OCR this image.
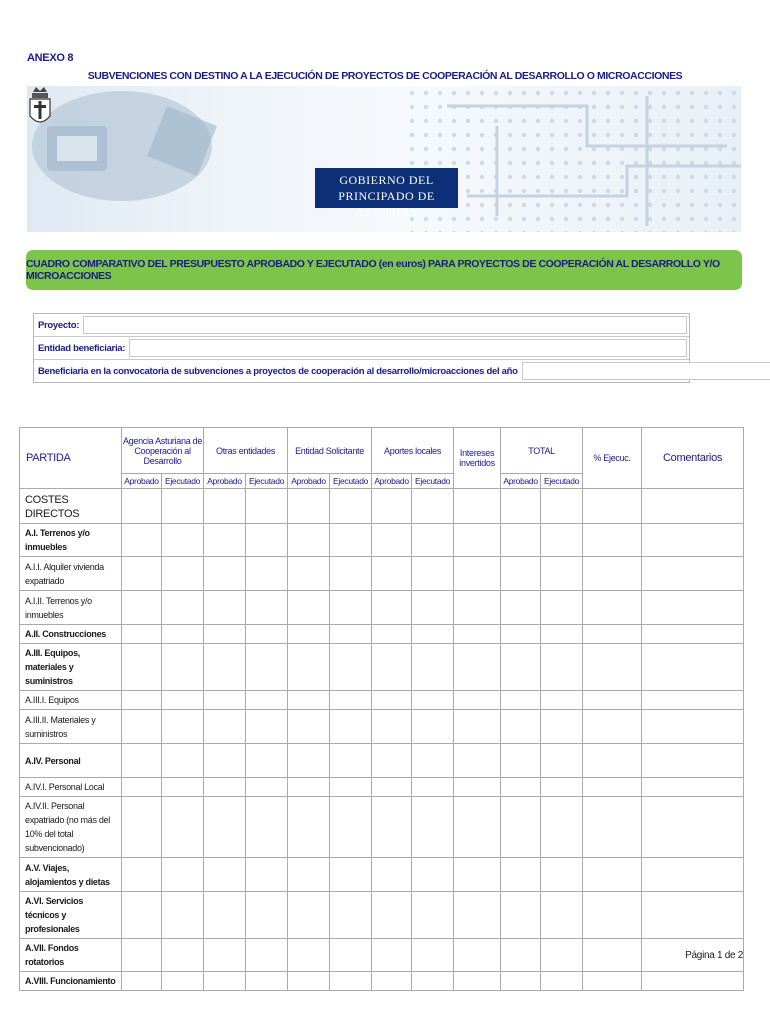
ANEXO 8
SUBVENCIONES CON DESTINO A LA EJECUCIÓN DE PROYECTOS DE COOPERACIÓN AL DESARROLLO O MICROACCIONES
GOBIERNO DEL
PRINCIPADO DE ASTURIAS
CUADRO COMPARATIVO DEL PRESUPUESTO APROBADO Y EJECUTADO (en euros) PARA PROYECTOS DE COOPERACIÓN AL DESARROLLO Y/O MICROACCIONES
Proyecto:
Entidad beneficiaria:
Beneficiaria en la convocatoria de subvenciones a proyectos de cooperación al desarrollo/microacciones del año
PARTIDA	Agencia Asturiana de Cooperación al Desarrollo		Otras entidades		Entidad Solicitante		Aportes locales		Intereses invertidos	TOTAL		% Ejecuc.	Comentarios
	Aprobado	Ejecutado	Aprobado	Ejecutado	Aprobado	Ejecutado	Aprobado	Ejecutado		Aprobado	Ejecutado		
COSTES DIRECTOS													
A.I. Terrenos y/o inmuebles													
A.I.I. Alquiler vivienda expatriado													
A.I.II. Terrenos y/o inmuebles													
A.II. Construcciones													
A.III. Equipos, materiales y suministros													
A.III.I. Equipos													
A.III.II. Materiales y suministros													
A.IV. Personal													
A.IV.I. Personal Local													
A.IV.II. Personal expatriado (no más del 10% del total subvencionado)													
A.V. Viajes, alojamientos y dietas													
A.VI. Servicios técnicos y profesionales													
A.VII. Fondos rotatorios													
A.VIII. Funcionamiento													
Página 1 de 2
